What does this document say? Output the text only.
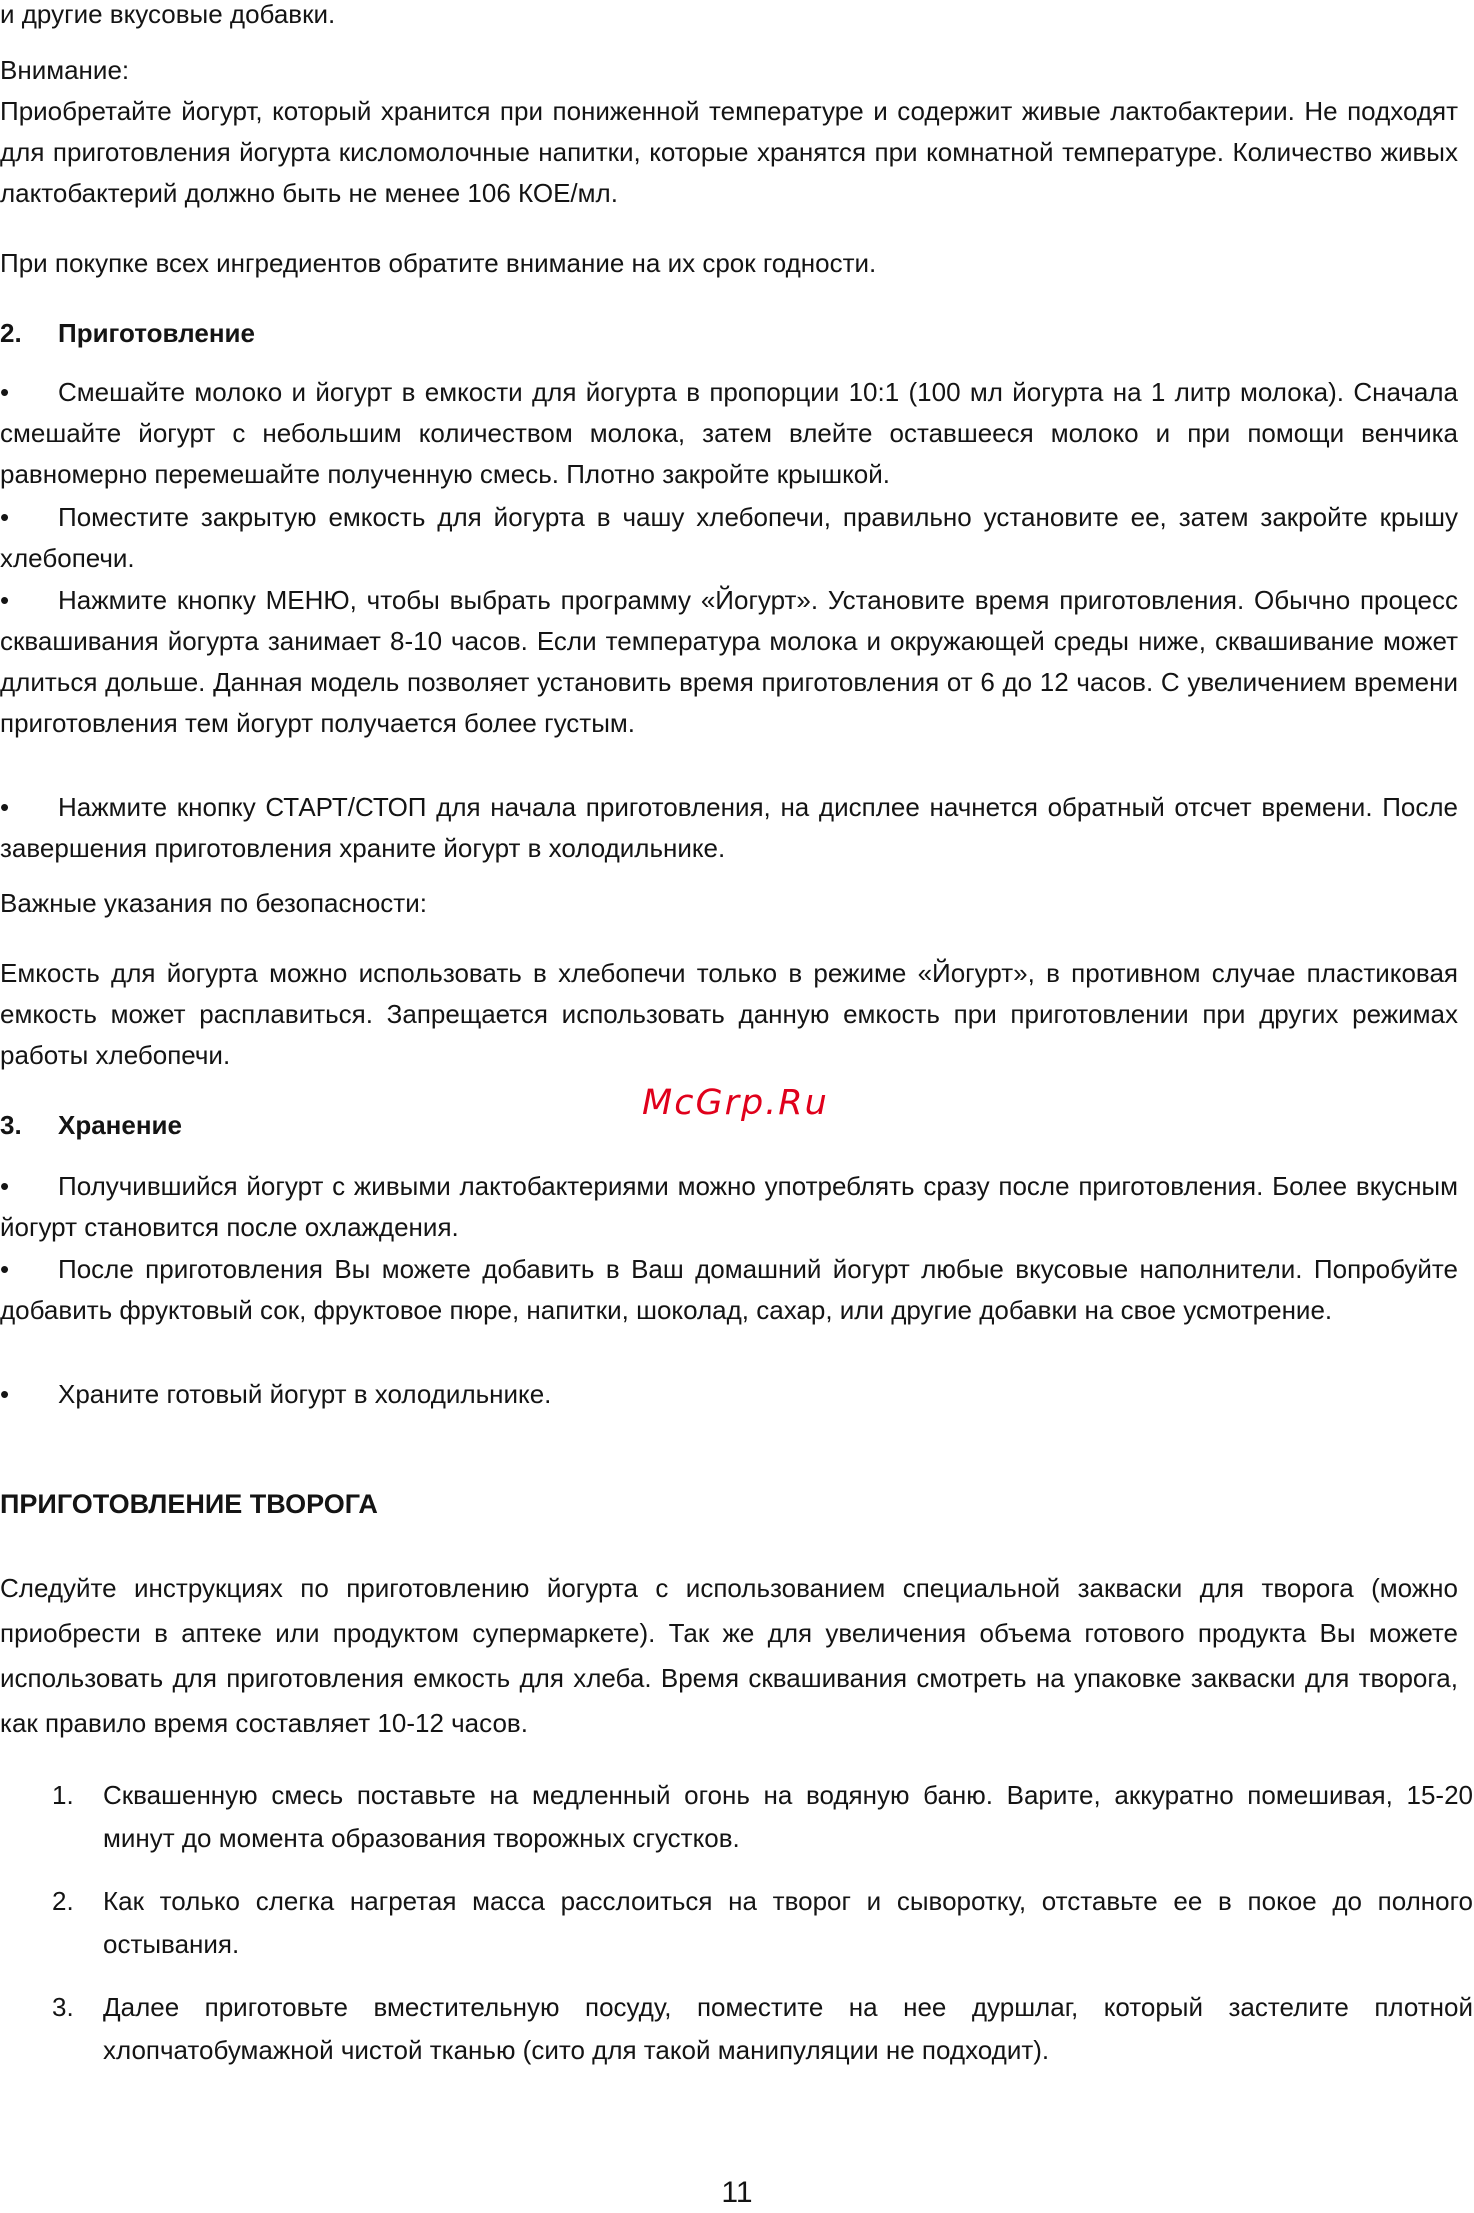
и другие вкусовые добавки.

Внимание:

Приобретайте йогурт, который хранится при пониженной температуре и содержит живые лактобактерии. Не подходят для приготовления йогурта кисломолочные напитки, которые хранятся при комнатной температуре. Количество живых лактобактерий должно быть не менее 106 КОЕ/мл.

При покупке всех ингредиентов обратите внимание на их срок годности.

2. Приготовление

•Смешайте молоко и йогурт в емкости для йогурта в пропорции 10:1 (100 мл йогурта на 1 литр молока). Сначала смешайте йогурт с небольшим количеством молока, затем влейте оставшееся молоко и при помощи венчика равномерно перемешайте полученную смесь. Плотно закройте крышкой.

•Поместите закрытую емкость для йогурта в чашу хлебопечи, правильно установите ее, затем закройте крышу хлебопечи.

•Нажмите кнопку МЕНЮ, чтобы выбрать программу «Йогурт». Установите время приготовления. Обычно процесс сквашивания йогурта занимает 8-10 часов. Если температура молока и окружающей среды ниже, сквашивание может длиться дольше. Данная модель позволяет установить время приготовления от 6 до 12 часов. С увеличением времени приготовления тем йогурт получается более густым.

•Нажмите кнопку СТАРТ/СТОП для начала приготовления, на дисплее начнется обратный отсчет времени. После завершения приготовления храните йогурт в холодильнике.

Важные указания по безопасности:

Емкость для йогурта можно использовать в хлебопечи только в режиме «Йогурт», в противном случае пластиковая емкость может расплавиться. Запрещается использовать данную емкость при приготовлении при других режимах работы хлебопечи.

McGrp.Ru

3. Хранение

•Получившийся йогурт с живыми лактобактериями можно употреблять сразу после приготовления. Более вкусным йогурт становится после охлаждения.

•После приготовления Вы можете добавить в Ваш домашний йогурт любые вкусовые наполнители. Попробуйте добавить фруктовый сок, фруктовое пюре, напитки, шоколад, сахар, или другие добавки на свое усмотрение.

•Храните готовый йогурт в холодильнике.

ПРИГОТОВЛЕНИЕ ТВОРОГА

Следуйте инструкциях по приготовлению йогурта с использованием специальной закваски для творога (можно приобрести в аптеке или продуктом супермаркете). Так же для увеличения объема готового продукта Вы можете использовать для приготовления емкость для хлеба. Время сквашивания смотреть на упаковке закваски для творога, как правило время составляет 10-12 часов.

1. Сквашенную смесь поставьте на медленный огонь на водяную баню. Варите, аккуратно помешивая, 15-20 минут до момента образования творожных сгустков.

2. Как только слегка нагретая масса расслоиться на творог и сыворотку, отставьте ее в покое до полного остывания.

3. Далее приготовьте вместительную посуду, поместите на нее дуршлаг, который застелите плотной хлопчатобумажной чистой тканью (сито для такой манипуляции не подходит).

11
